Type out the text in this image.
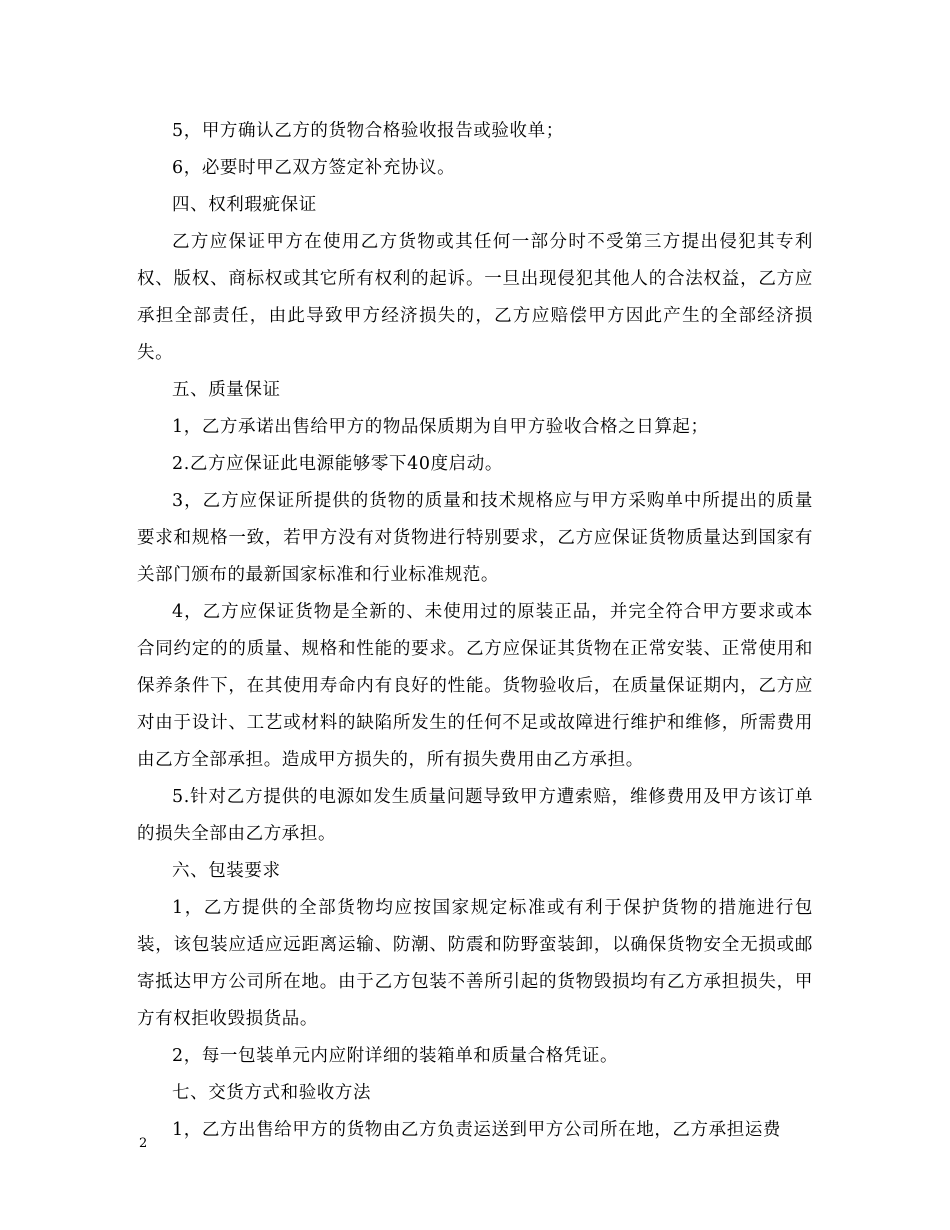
5，甲方确认乙方的货物合格验收报告或验收单；

6，必要时甲乙双方签定补充协议。

四、权利瑕疵保证

乙方应保证甲方在使用乙方货物或其任何一部分时不受第三方提出侵犯其专利权、版权、商标权或其它所有权利的起诉。一旦出现侵犯其他人的合法权益，乙方应承担全部责任，由此导致甲方经济损失的，乙方应赔偿甲方因此产生的全部经济损失。

五、质量保证

1，乙方承诺出售给甲方的物品保质期为自甲方验收合格之日算起；

2.乙方应保证此电源能够零下40度启动。

3，乙方应保证所提供的货物的质量和技术规格应与甲方采购单中所提出的质量要求和规格一致，若甲方没有对货物进行特别要求，乙方应保证货物质量达到国家有关部门颁布的最新国家标准和行业标准规范。

4，乙方应保证货物是全新的、未使用过的原装正品，并完全符合甲方要求或本合同约定的的质量、规格和性能的要求。乙方应保证其货物在正常安装、正常使用和保养条件下，在其使用寿命内有良好的性能。货物验收后，在质量保证期内，乙方应对由于设计、工艺或材料的缺陷所发生的任何不足或故障进行维护和维修，所需费用由乙方全部承担。造成甲方损失的，所有损失费用由乙方承担。

5.针对乙方提供的电源如发生质量问题导致甲方遭索赔，维修费用及甲方该订单的损失全部由乙方承担。

六、包装要求

1，乙方提供的全部货物均应按国家规定标准或有利于保护货物的措施进行包装，该包装应适应远距离运输、防潮、防震和防野蛮装卸，以确保货物安全无损或邮寄抵达甲方公司所在地。由于乙方包装不善所引起的货物毁损均有乙方承担损失，甲方有权拒收毁损货品。

2，每一包装单元内应附详细的装箱单和质量合格凭证。

七、交货方式和验收方法

1，乙方出售给甲方的货物由乙方负责运送到甲方公司所在地，乙方承担运费

2
